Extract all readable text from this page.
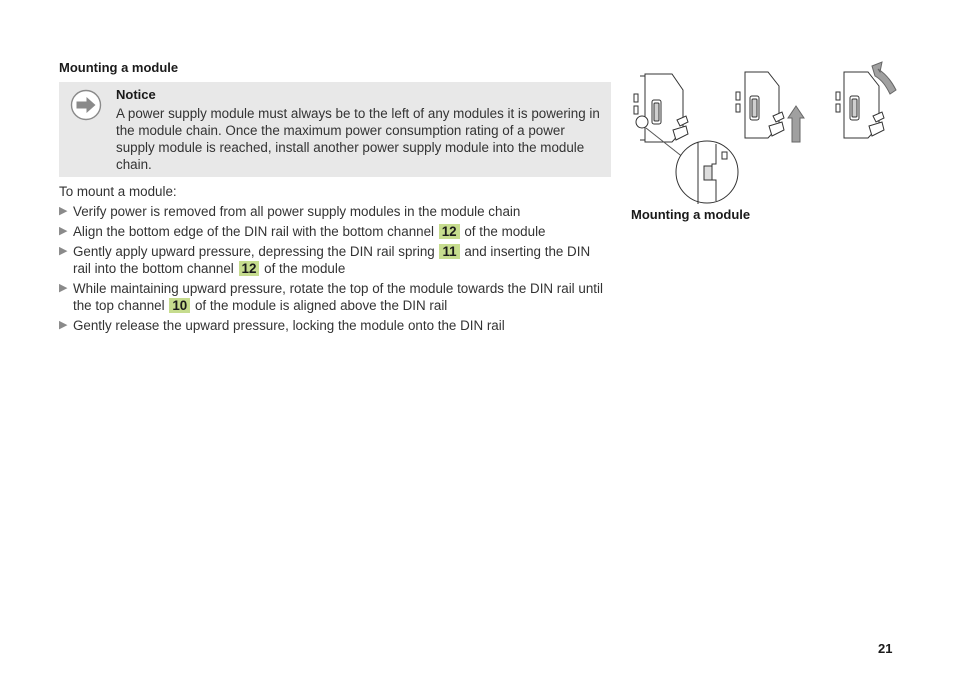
Mounting a module
Notice
A power supply module must always be to the left of any modules it is powering in the module chain. Once the maximum power consumption rating of a power supply module is reached, install another power supply module into the module chain.
To mount a module:
▶ Verify power is removed from all power supply modules in the module chain
▶ Align the bottom edge of the DIN rail with the bottom channel 12 of the module
▶ Gently apply upward pressure, depressing the DIN rail spring 11 and inserting the DIN rail into the bottom channel 12 of the module
▶ While maintaining upward pressure, rotate the top of the module towards the DIN rail until the top channel 10 of the module is aligned above the DIN rail
▶ Gently release the upward pressure, locking the module onto the DIN rail
Mounting a module
21
